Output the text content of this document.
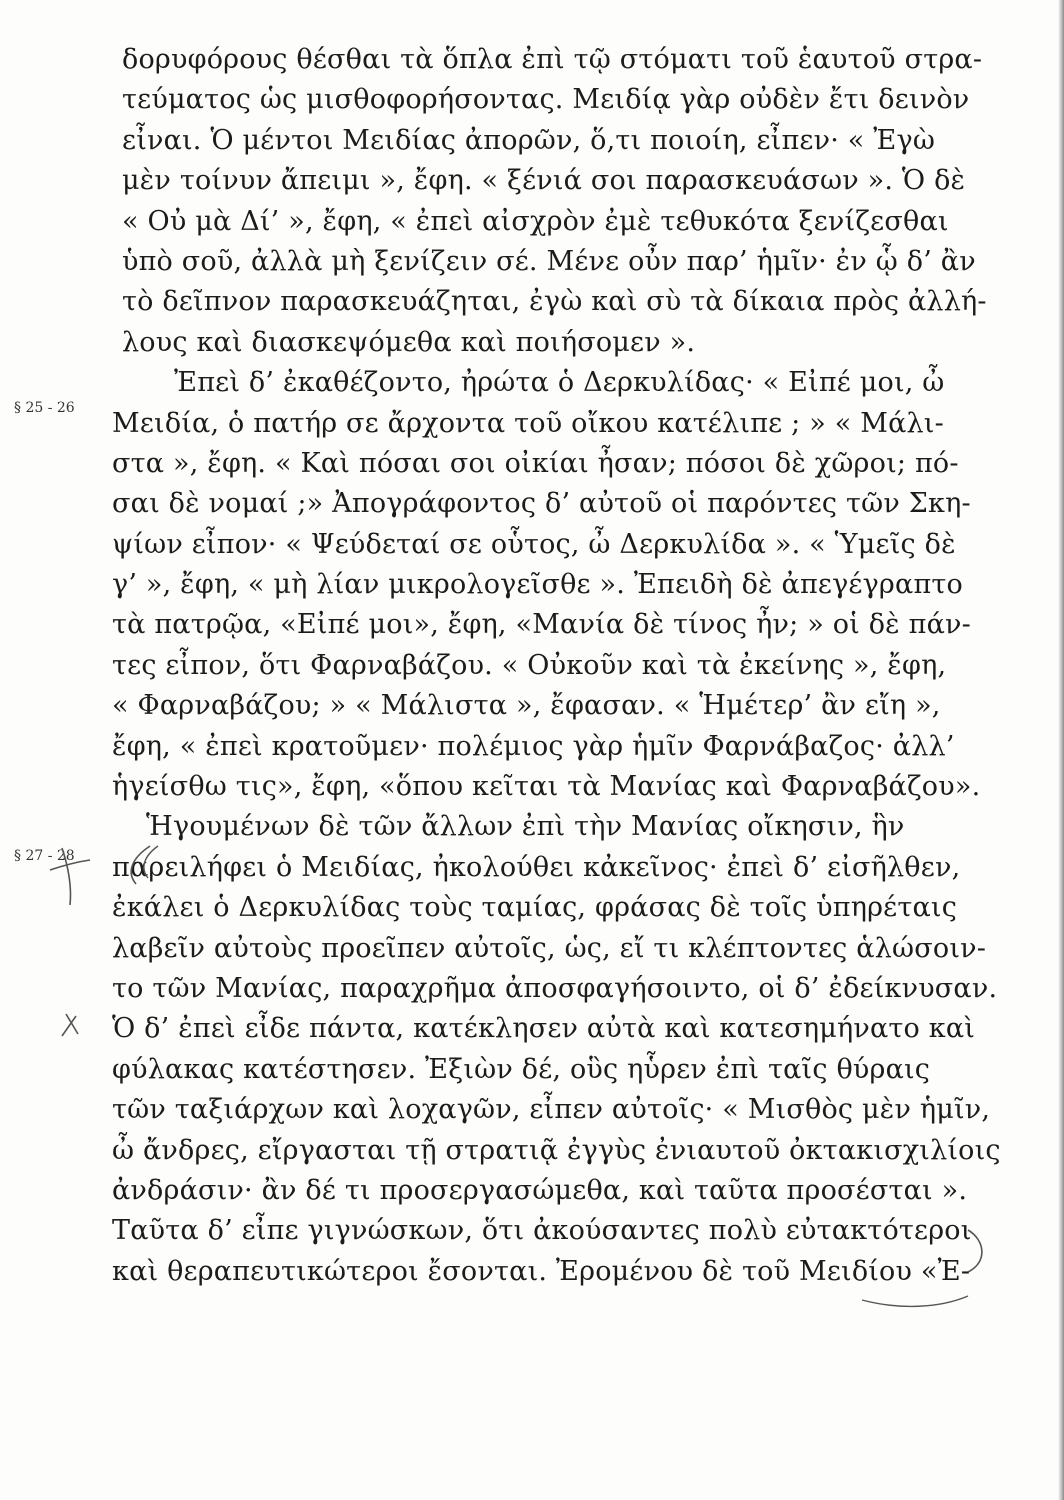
§ 25 - 26
§ 27 - 28
δορυφόρους θέσθαι τὰ ὅπλα ἐπὶ τῷ στόματι τοῦ ἑαυτοῦ στρα-
τεύματος ὡς μισθοφορήσοντας. Μειδίᾳ γὰρ οὐδὲν ἔτι δεινὸν
εἶναι. Ὁ μέντοι Μειδίας ἀπορῶν, ὅ,τι ποιοίη, εἶπεν· « Ἐγὼ
μὲν τοίνυν ἄπειμι », ἔφη. « ξένιά σοι παρασκευάσων ». Ὁ δὲ
« Οὐ μὰ Δί’ », ἔφη, « ἐπεὶ αἰσχρὸν ἐμὲ τεθυκότα ξενίζεσθαι
ὑπὸ σοῦ, ἀλλὰ μὴ ξενίζειν σέ. Μένε οὖν παρ’ ἡμῖν· ἐν ᾧ δ’ ἂν
τὸ δεῖπνον παρασκευάζηται, ἐγὼ καὶ σὺ τὰ δίκαια πρὸς ἀλλή-
λους καὶ διασκεψόμεθα καὶ ποιήσομεν ».
Ἐπεὶ δ’ ἐκαθέζοντο, ἠρώτα ὁ Δερκυλίδας· « Εἰπέ μοι, ὦ
Μειδία, ὁ πατήρ σε ἄρχοντα τοῦ οἴκου κατέλιπε ; » « Μάλι-
στα », ἔφη. « Καὶ πόσαι σοι οἰκίαι ἦσαν; πόσοι δὲ χῶροι; πό-
σαι δὲ νομαί ;» Ἀπογράφοντος δ’ αὐτοῦ οἱ παρόντες τῶν Σκη-
ψίων εἶπον· « Ψεύδεταί σε οὗτος, ὦ Δερκυλίδα ». « Ὑμεῖς δὲ
γ’ », ἔφη, « μὴ λίαν μικρολογεῖσθε ». Ἐπειδὴ δὲ ἀπεγέγραπτο
τὰ πατρῷα, «Εἰπέ μοι», ἔφη, «Μανία δὲ τίνος ἦν; » οἱ δὲ πάν-
τες εἶπον, ὅτι Φαρναβάζου. « Οὐκοῦν καὶ τὰ ἐκείνης », ἔφη,
« Φαρναβάζου; » « Μάλιστα », ἔφασαν. « Ἡμέτερ’ ἂν εἴη »,
ἔφη, « ἐπεὶ κρατοῦμεν· πολέμιος γὰρ ἡμῖν Φαρνάβαζος· ἀλλ’
ἡγείσθω τις», ἔφη, «ὅπου κεῖται τὰ Μανίας καὶ Φαρναβάζου».
Ἡγουμένων δὲ τῶν ἄλλων ἐπὶ τὴν Μανίας οἴκησιν, ἣν
παρειλήφει ὁ Μειδίας, ἠκολούθει κἀκεῖνος· ἐπεὶ δ’ εἰσῆλθεν,
ἐκάλει ὁ Δερκυλίδας τοὺς ταμίας, φράσας δὲ τοῖς ὑπηρέταις
λαβεῖν αὐτοὺς προεῖπεν αὐτοῖς, ὡς, εἴ τι κλέπτοντες ἁλώσοιν-
το τῶν Μανίας, παραχρῆμα ἀποσφαγήσοιντο, οἱ δ’ ἐδείκνυσαν.
Ὁ δ’ ἐπεὶ εἶδε πάντα, κατέκλησεν αὐτὰ καὶ κατεσημήνατο καὶ
φύλακας κατέστησεν. Ἐξιὼν δέ, οὓς ηὗρεν ἐπὶ ταῖς θύραις
τῶν ταξιάρχων καὶ λοχαγῶν, εἶπεν αὐτοῖς· « Μισθὸς μὲν ἡμῖν,
ὦ ἄνδρες, εἴργασται τῇ στρατιᾷ ἐγγὺς ἐνιαυτοῦ ὀκτακισχιλίοις
ἀνδράσιν· ἂν δέ τι προσεργασώμεθα, καὶ ταῦτα προσέσται ».
Ταῦτα δ’ εἶπε γιγνώσκων, ὅτι ἀκούσαντες πολὺ εὐτακτότεροι
καὶ θεραπευτικώτεροι ἔσονται. Ἐρομένου δὲ τοῦ Μειδίου «Ἐ-
